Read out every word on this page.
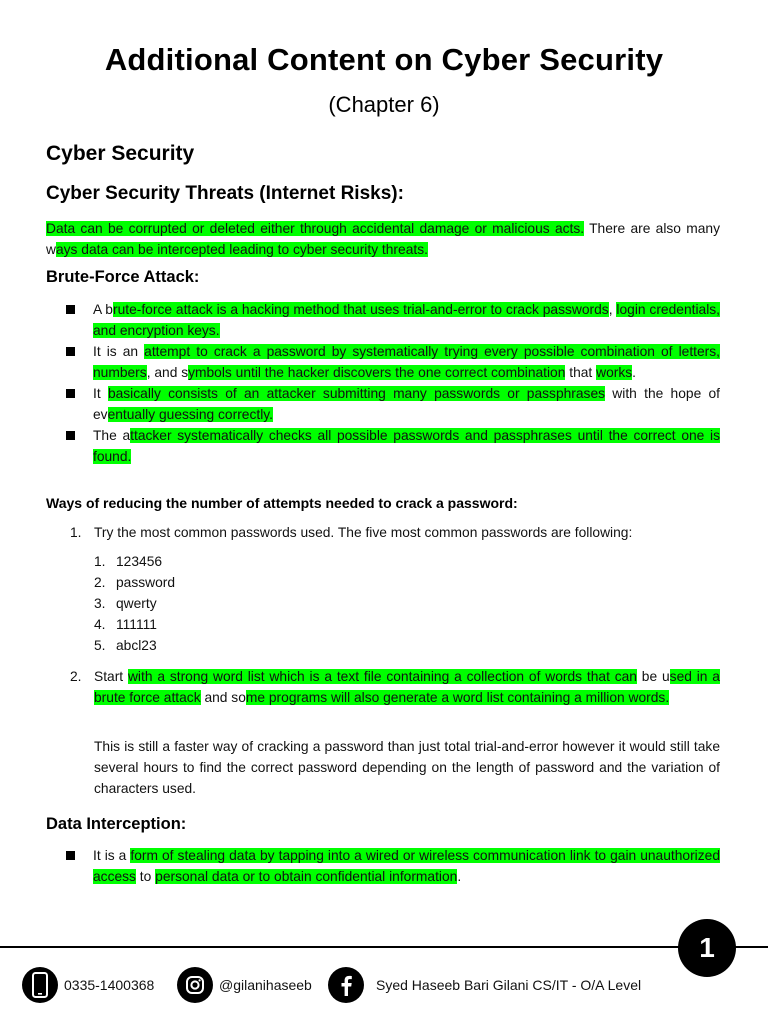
Additional Content on Cyber Security
(Chapter 6)
Cyber Security
Cyber Security Threats (Internet Risks):
Data can be corrupted or deleted either through accidental damage or malicious acts. There are also many ways data can be intercepted leading to cyber security threats.
Brute-Force Attack:
A brute-force attack is a hacking method that uses trial-and-error to crack passwords, login credentials, and encryption keys.
It is an attempt to crack a password by systematically trying every possible combination of letters, numbers, and symbols until the hacker discovers the one correct combination that works.
It basically consists of an attacker submitting many passwords or passphrases with the hope of eventually guessing correctly.
The attacker systematically checks all possible passwords and passphrases until the correct one is found.
Ways of reducing the number of attempts needed to crack a password:
1. Try the most common passwords used. The five most common passwords are following:
1. 123456
2. password
3. qwerty
4. 111111
5. abcl23
2. Start with a strong word list which is a text file containing a collection of words that can be used in a brute force attack and some programs will also generate a word list containing a million words.
This is still a faster way of cracking a password than just total trial-and-error however it would still take several hours to find the correct password depending on the length of password and the variation of characters used.
Data Interception:
It is a form of stealing data by tapping into a wired or wireless communication link to gain unauthorized access to personal data or to obtain confidential information.
1
0335-1400368	@gilanihaseeb	Syed Haseeb Bari Gilani CS/IT - O/A Level
